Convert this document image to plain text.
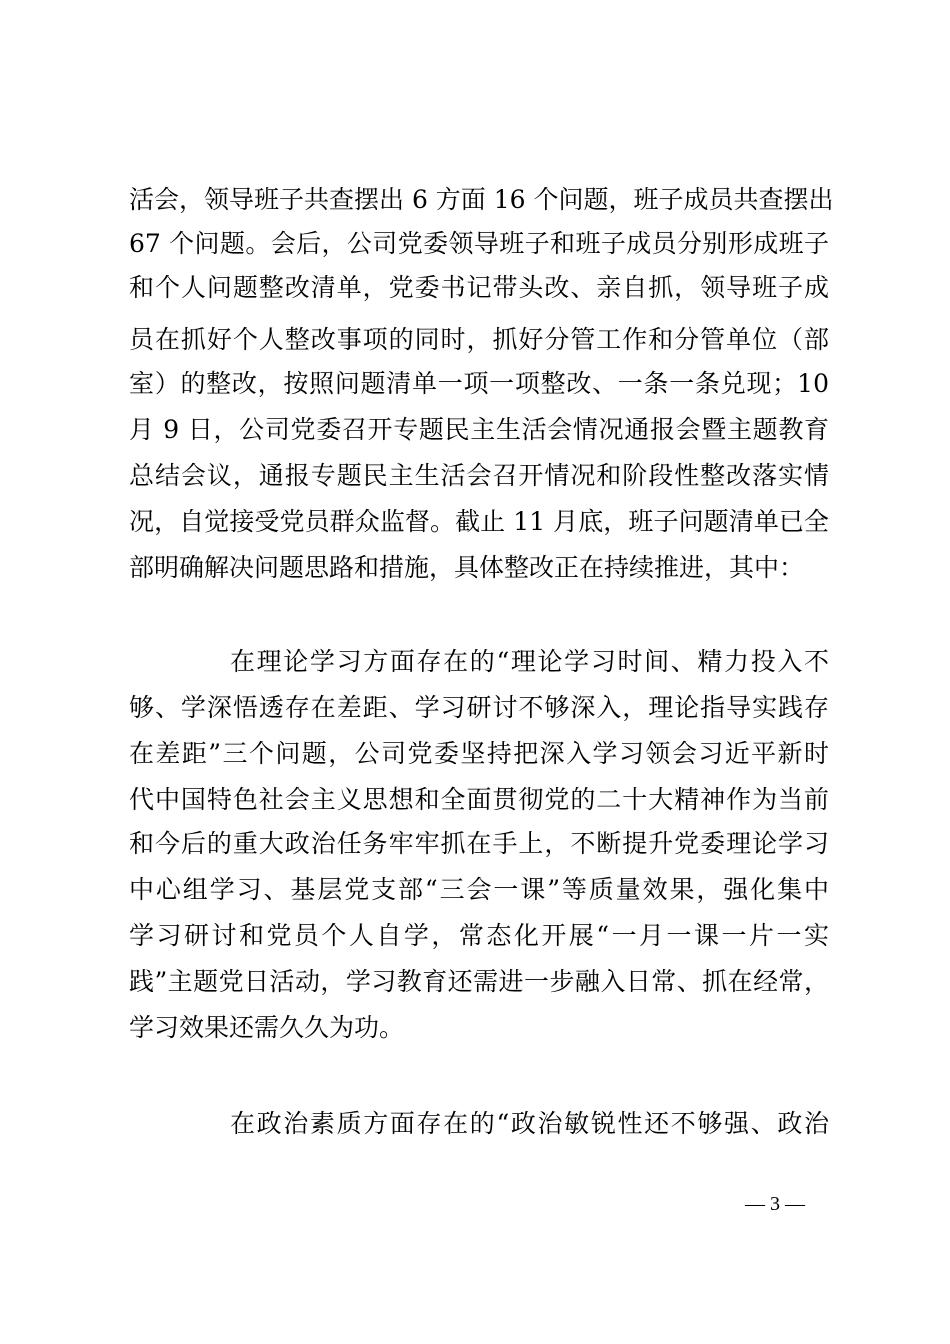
活会，领导班子共查摆出 6 方面 16 个问题，班子成员共查摆出
67 个问题。会后，公司党委领导班子和班子成员分别形成班子
和个人问题整改清单，党委书记带头改、亲自抓，领导班子成
员在抓好个人整改事项的同时，抓好分管工作和分管单位（部
室）的整改，按照问题清单一项一项整改、一条一条兑现；10
月 9 日，公司党委召开专题民主生活会情况通报会暨主题教育
总结会议，通报专题民主生活会召开情况和阶段性整改落实情
况，自觉接受党员群众监督。截止 11 月底，班子问题清单已全
部明确解决问题思路和措施，具体整改正在持续推进，其中：
在理论学习方面存在的“理论学习时间、精力投入不
够、学深悟透存在差距、学习研讨不够深入，理论指导实践存
在差距”三个问题，公司党委坚持把深入学习领会习近平新时
代中国特色社会主义思想和全面贯彻党的二十大精神作为当前
和今后的重大政治任务牢牢抓在手上，不断提升党委理论学习
中心组学习、基层党支部“三会一课”等质量效果，强化集中
学习研讨和党员个人自学，常态化开展“一月一课一片一实
践”主题党日活动，学习教育还需进一步融入日常、抓在经常，
学习效果还需久久为功。
在政治素质方面存在的“政治敏锐性还不够强、政治
— 3 —
